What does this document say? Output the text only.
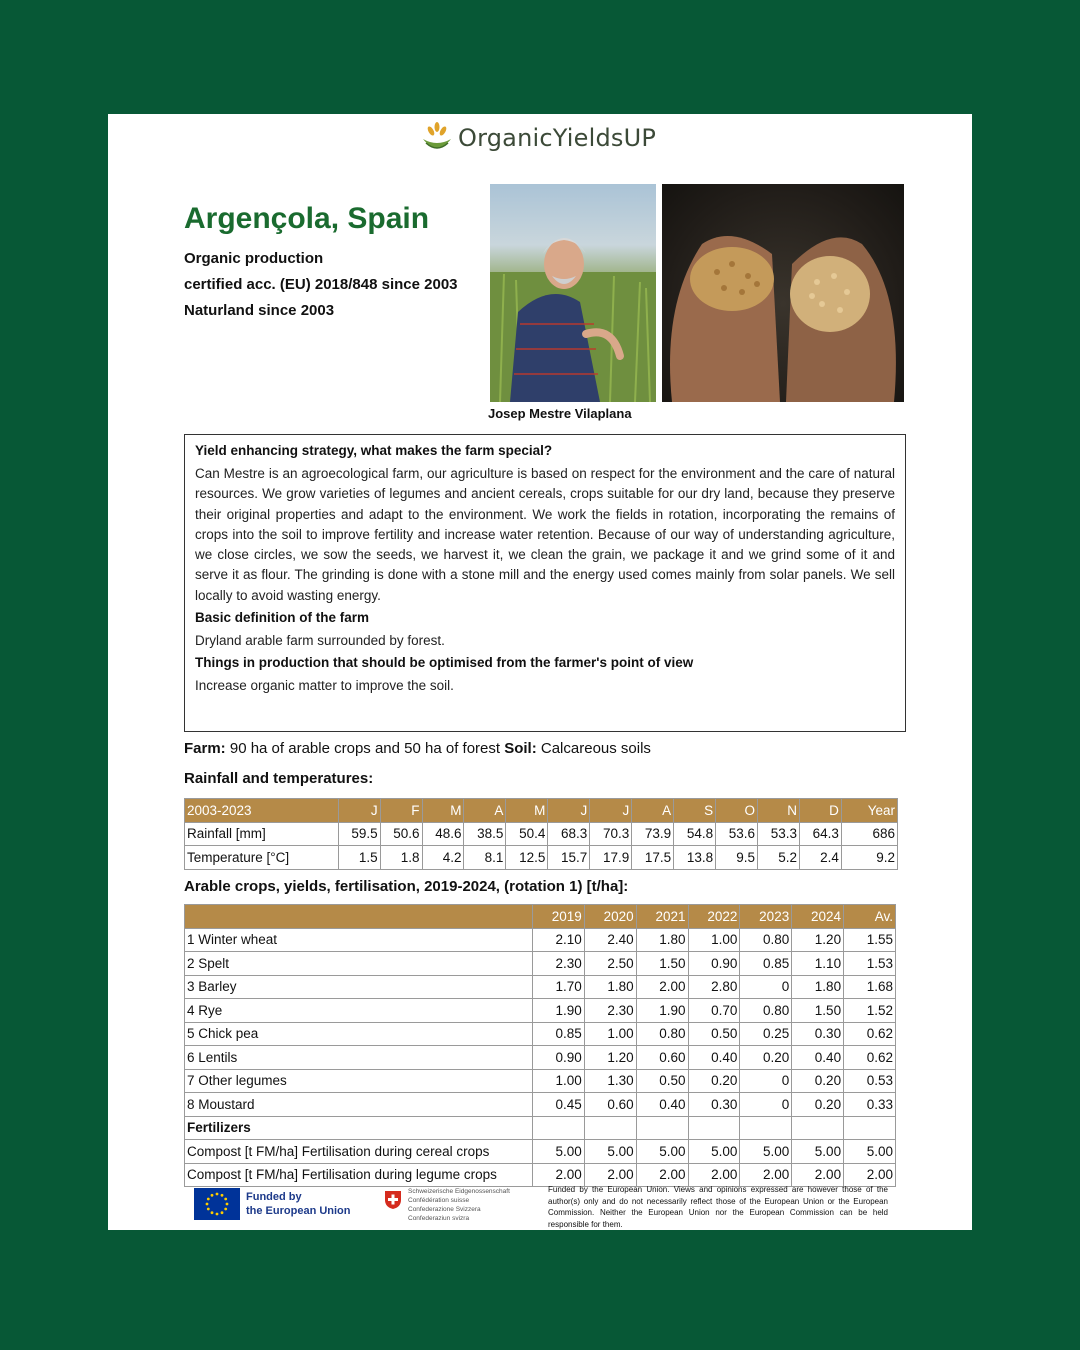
OrganicYieldsUP
Argençola, Spain

Organic production

certified acc. (EU) 2018/848 since 2003

Naturland since 2003

Josep Mestre Vilaplana
Yield enhancing strategy, what makes the farm special?

Can Mestre is an agroecological farm, our agriculture is based on respect for the environment and the care of natural resources. We grow varieties of legumes and ancient cereals, crops suitable for our dry land, because they preserve their original properties and adapt to the environment. We work the fields in rotation, incorporating the remains of crops into the soil to improve fertility and increase water retention. Because of our way of understanding agriculture, we close circles, we sow the seeds, we harvest it, we clean the grain, we package it and we grind some of it and serve it as flour. The grinding is done with a stone mill and the energy used comes mainly from solar panels. We sell locally to avoid wasting energy.

Basic definition of the farm

Dryland arable farm surrounded by forest.

Things in production that should be optimised from the farmer's point of view

Increase organic matter to improve the soil.

Farm: 90 ha of arable crops and 50 ha of forest Soil: Calcareous soils
Rainfall and temperatures:
2003-2023	J	F	M	A	M	J	J	A	S	O	N	D	Year
Rainfall [mm]	59.5	50.6	48.6	38.5	50.4	68.3	70.3	73.9	54.8	53.6	53.3	64.3	686
Temperature [°C]	1.5	1.8	4.2	8.1	12.5	15.7	17.9	17.5	13.8	9.5	5.2	2.4	9.2
Arable crops, yields, fertilisation, 2019-2024, (rotation 1) [t/ha]:
	2019	2020	2021	2022	2023	2024	Av.
1 Winter wheat	2.10	2.40	1.80	1.00	0.80	1.20	1.55
2 Spelt	2.30	2.50	1.50	0.90	0.85	1.10	1.53
3 Barley	1.70	1.80	2.00	2.80	0	1.80	1.68
4 Rye	1.90	2.30	1.90	0.70	0.80	1.50	1.52
5 Chick pea	0.85	1.00	0.80	0.50	0.25	0.30	0.62
6 Lentils	0.90	1.20	0.60	0.40	0.20	0.40	0.62
7 Other legumes	1.00	1.30	0.50	0.20	0	0.20	0.53
8 Moustard	0.45	0.60	0.40	0.30	0	0.20	0.33
Fertilizers							
Compost [t FM/ha] Fertilisation during cereal crops	5.00	5.00	5.00	5.00	5.00	5.00	5.00
Compost [t FM/ha] Fertilisation during legume crops	2.00	2.00	2.00	2.00	2.00	2.00	2.00
Funded by
the European Union
Schweizerische Eidgenossenschaft
Confédération suisse
Confederazione Svizzera
Confederaziun svizra
Funded by the European Union. Views and opinions expressed are however those of the author(s) only and do not necessarily reflect those of the European Union or the European Commission. Neither the European Union nor the European Commission can be held responsible for them.
